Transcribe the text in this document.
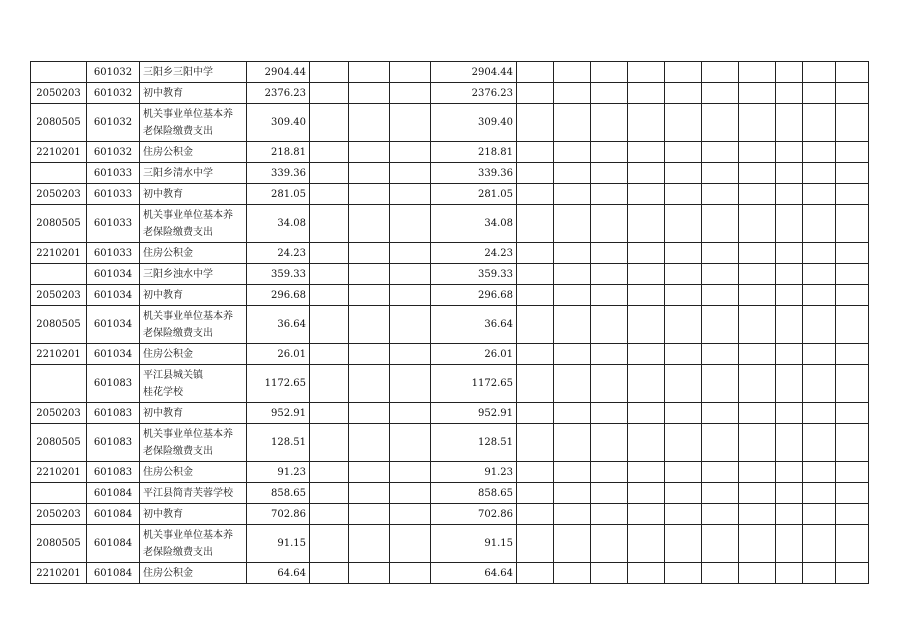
	601032	三阳乡三阳中学	2904.44				2904.44										
2050203	601032	初中教育	2376.23				2376.23										
2080505	601032	机关事业单位基本养
老保险缴费支出	309.40				309.40										
2210201	601032	住房公积金	218.81				218.81										
	601033	三阳乡清水中学	339.36				339.36										
2050203	601033	初中教育	281.05				281.05										
2080505	601033	机关事业单位基本养
老保险缴费支出	34.08				34.08										
2210201	601033	住房公积金	24.23				24.23										
	601034	三阳乡浊水中学	359.33				359.33										
2050203	601034	初中教育	296.68				296.68										
2080505	601034	机关事业单位基本养
老保险缴费支出	36.64				36.64										
2210201	601034	住房公积金	26.01				26.01										
	601083	平江县城关镇
桂花学校	1172.65				1172.65										
2050203	601083	初中教育	952.91				952.91										
2080505	601083	机关事业单位基本养
老保险缴费支出	128.51				128.51										
2210201	601083	住房公积金	91.23				91.23										
	601084	平江县简青芙蓉学校	858.65				858.65										
2050203	601084	初中教育	702.86				702.86										
2080505	601084	机关事业单位基本养
老保险缴费支出	91.15				91.15										
2210201	601084	住房公积金	64.64				64.64										
